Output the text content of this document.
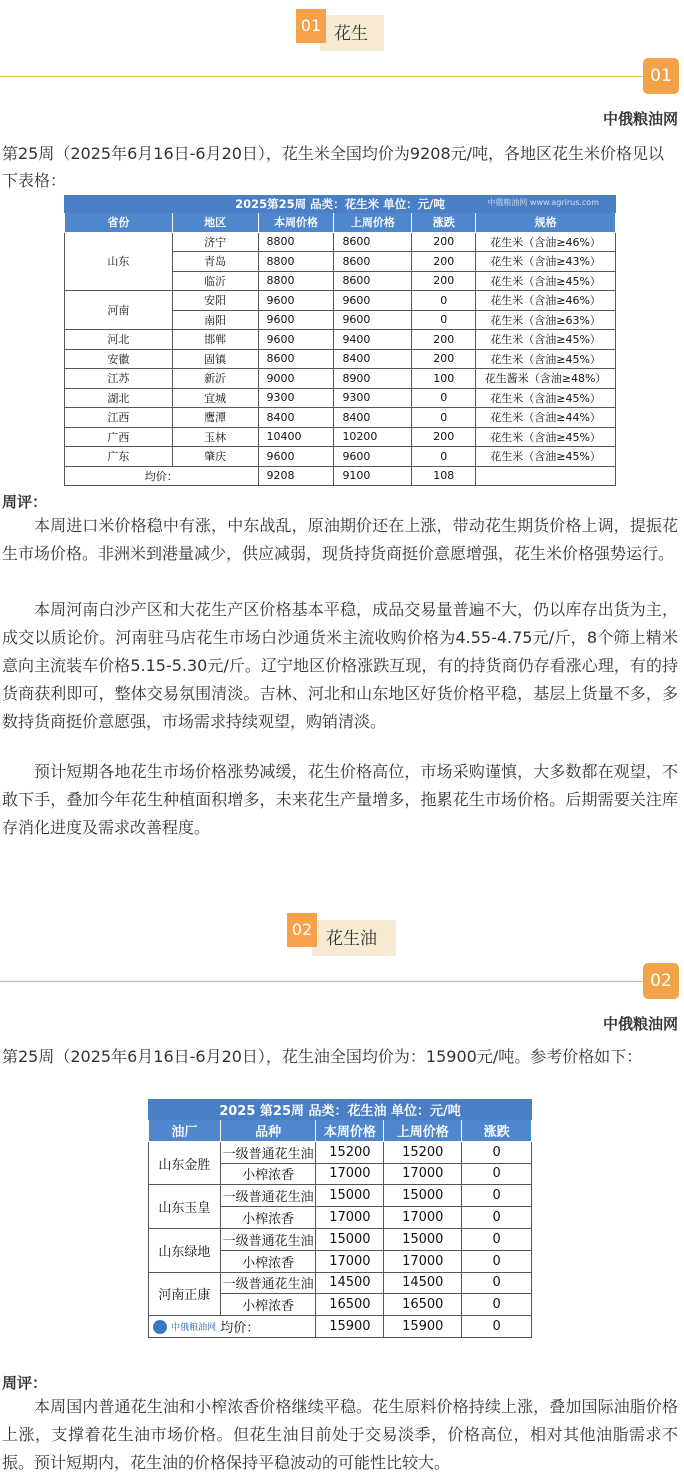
花生
01
01
中俄粮油网
第25周（2025年6月16日-6月20日），花生米全国均价为9208元/吨，各地区花生米价格见以下表格：
2025第25周 品类：花生米 单位：元/吨 中俄粮油网 www.agrirus.com					

省份	地区	本周价格	上周价格	涨跌	规格
山东	济宁	8800	8600	200	花生米（含油≥46%）
	青岛	8800	8600	200	花生米（含油≥43%）
	临沂	8800	8600	200	花生米（含油≥45%）
河南	安阳	9600	9600	0	花生米（含油≥46%）
	南阳	9600	9600	0	花生米（含油≥63%）
河北	邯郸	9600	9400	200	花生米（含油≥45%）
安徽	固镇	8600	8400	200	花生米（含油≥45%）
江苏	新沂	9000	8900	100	花生酱米（含油≥48%）
湖北	宜城	9300	9300	0	花生米（含油≥45%）
江西	鹰潭	8400	8400	0	花生米（含油≥44%）
广西	玉林	10400	10200	200	花生米（含油≥45%）
广东	肇庆	9600	9600	0	花生米（含油≥45%）
均价：		9208	9100	108	
周评：
本周进口米价格稳中有涨，中东战乱，原油期价还在上涨，带动花生期货价格上调，提振花生市场价格。非洲米到港量减少，供应减弱，现货持货商挺价意愿增强，花生米价格强势运行。
本周河南白沙产区和大花生产区价格基本平稳，成品交易量普遍不大，仍以库存出货为主，成交以质论价。河南驻马店花生市场白沙通货米主流收购价格为4.55-4.75元/斤，8个筛上精米意向主流装车价格5.15-5.30元/斤。辽宁地区价格涨跌互现，有的持货商仍存看涨心理，有的持货商获利即可，整体交易氛围清淡。吉林、河北和山东地区好货价格平稳，基层上货量不多，多数持货商挺价意愿强，市场需求持续观望，购销清淡。
预计短期各地花生市场价格涨势减缓，花生价格高位，市场采购谨慎，大多数都在观望，不敢下手，叠加今年花生种植面积增多，未来花生产量增多，拖累花生市场价格。后期需要关注库存消化进度及需求改善程度。
花生油
02
02
中俄粮油网
第25周（2025年6月16日-6月20日），花生油全国均价为：15900元/吨。参考价格如下：
2025 第25周 品类：花生油 单位：元/吨				
油厂	品种	本周价格	上周价格	涨跌
山东金胜	一级普通花生油	15200	15200	0
	小榨浓香	17000	17000	0
山东玉皇	一级普通花生油	15000	15000	0
	小榨浓香	17000	17000	0
山东绿地	一级普通花生油	15000	15000	0
	小榨浓香	17000	17000	0
河南正康	一级普通花生油	14500	14500	0
	小榨浓香	16500	16500	0
中俄粮油网 均价：		15900	15900	0
周评：
本周国内普通花生油和小榨浓香价格继续平稳。花生原料价格持续上涨，叠加国际油脂价格上涨，支撑着花生油市场价格。但花生油目前处于交易淡季，价格高位，相对其他油脂需求不振。预计短期内，花生油的价格保持平稳波动的可能性比较大。
